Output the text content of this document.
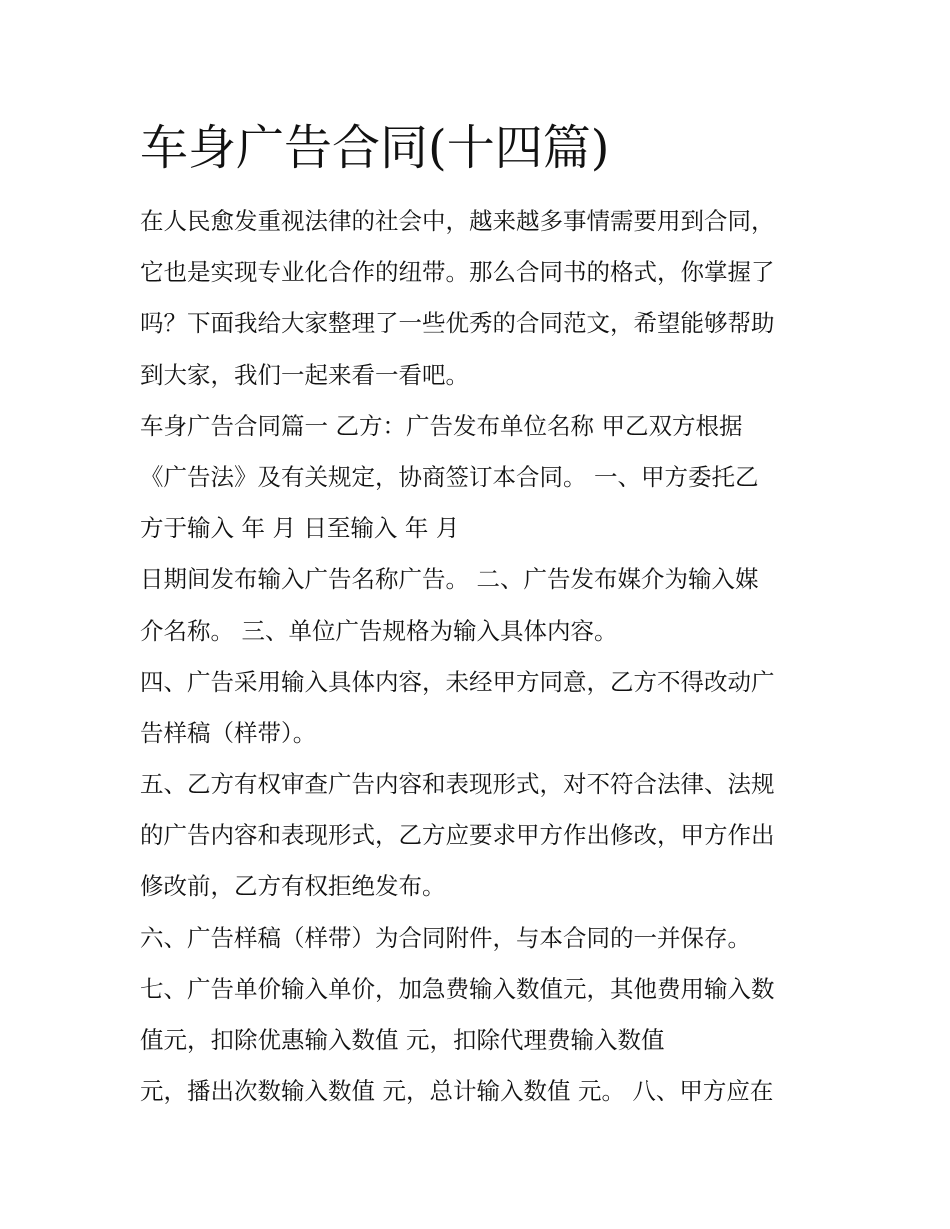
车身广告合同(十四篇)
在人民愈发重视法律的社会中，越来越多事情需要用到合同，
它也是实现专业化合作的纽带。那么合同书的格式，你掌握了
吗？下面我给大家整理了一些优秀的合同范文，希望能够帮助
到大家，我们一起来看一看吧。
车身广告合同篇一 乙方：广告发布单位名称 甲乙双方根据
《广告法》及有关规定，协商签订本合同。 一、甲方委托乙
方于输入 年 月 日至输入 年 月
日期间发布输入广告名称广告。 二、广告发布媒介为输入媒
介名称。 三、单位广告规格为输入具体内容。
四、广告采用输入具体内容，未经甲方同意，乙方不得改动广
告样稿（样带）。
五、乙方有权审查广告内容和表现形式，对不符合法律、法规
的广告内容和表现形式，乙方应要求甲方作出修改，甲方作出
修改前，乙方有权拒绝发布。
六、广告样稿（样带）为合同附件，与本合同的一并保存。
七、广告单价输入单价，加急费输入数值元，其他费用输入数
值元，扣除优惠输入数值 元，扣除代理费输入数值
元，播出次数输入数值 元，总计输入数值 元。 八、甲方应在
